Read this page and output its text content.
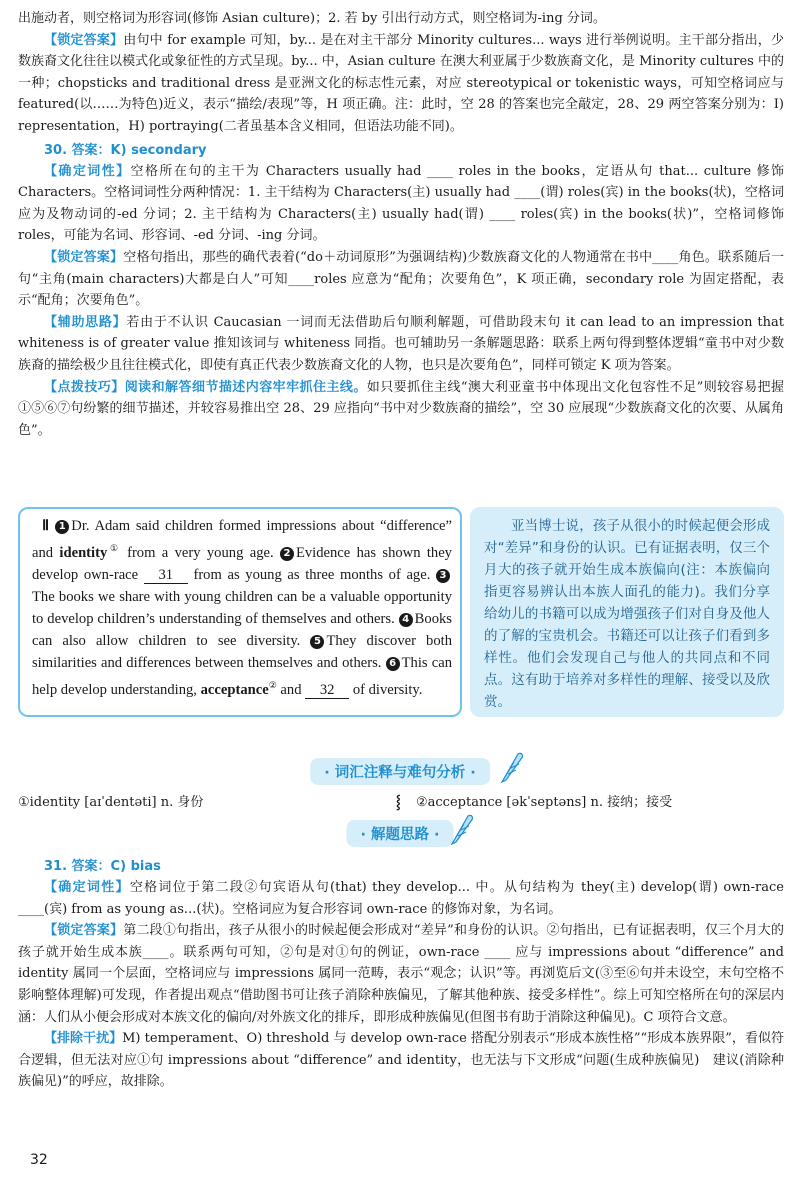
出施动者，则空格词为形容词(修饰 Asian culture)；2. 若 by 引出行动方式，则空格词为-ing 分词。

【锁定答案】由句中 for example 可知，by... 是在对主干部分 Minority cultures... ways 进行举例说明。主干部分指出，少数族裔文化往往以模式化或象征性的方式呈现。by... 中，Asian culture 在澳大利亚属于少数族裔文化，是 Minority cultures 中的一种；chopsticks and traditional dress 是亚洲文化的标志性元素，对应 stereotypical or tokenistic ways，可知空格词应与 featured(以……为特色)近义，表示“描绘/表现”等，H 项正确。注：此时，空 28 的答案也完全敲定，28、29 两空答案分别为：I) representation，H) portraying(二者虽基本含义相同，但语法功能不同)。

30. 答案：K) secondary

【确定词性】空格所在句的主干为 Characters usually had ____ roles in the books，定语从句 that... culture 修饰 Characters。空格词词性分两种情况：1. 主干结构为 Characters(主) usually had ____(谓) roles(宾) in the books(状)，空格词应为及物动词的-ed 分词；2. 主干结构为 Characters(主) usually had(谓) ____ roles(宾) in the books(状)”，空格词修饰 roles，可能为名词、形容词、-ed 分词、-ing 分词。

【锁定答案】空格句指出，那些的确代表着(“do＋动词原形”为强调结构)少数族裔文化的人物通常在书中____角色。联系随后一句“主角(main characters)大都是白人”可知____roles 应意为“配角；次要角色”，K 项正确，secondary role 为固定搭配，表示“配角；次要角色”。

【辅助思路】若由于不认识 Caucasian 一词而无法借助后句顺利解题，可借助段末句 it can lead to an impression that whiteness is of greater value 推知该词与 whiteness 同指。也可辅助另一条解题思路：联系上两句得到整体逻辑“童书中对少数族裔的描绘极少且往往模式化，即使有真正代表少数族裔文化的人物，也只是次要角色”，同样可锁定 K 项为答案。

【点拨技巧】阅读和解答细节描述内容牢牢抓住主线。如只要抓住主线“澳大利亚童书中体现出文化包容性不足”则较容易把握①⑤⑥⑦句纷繁的细节描述，并较容易推出空 28、29 应指向“书中对少数族裔的描绘”，空 30 应展现“少数族裔文化的次要、从属角色”。

Ⅱ 1 Dr. Adam said children formed impressions about “difference” and identity① from a very young age. 2 Evidence has shown they develop own-race 31 from as young as three months of age. 3The books we share with young children can be a valuable opportunity to develop children’s understanding of themselves and others. 4 Books can also allow children to see diversity. 5 They discover both similarities and differences between themselves and others. 6 This can help develop understanding, acceptance② and 32 of diversity.
亚当博士说，孩子从很小的时候起便会形成对“差异”和身份的认识。已有证据表明，仅三个月大的孩子就开始生成本族偏向(注：本族偏向指更容易辨认出本族人面孔的能力)。我们分享给幼儿的书籍可以成为增强孩子们对自身及他人的了解的宝贵机会。书籍还可以让孩子们看到多样性。他们会发现自己与他人的共同点和不同点。这有助于培养对多样性的理解、接受以及欣赏。
· 词汇注释与难句分析 ·
①identity [aɪˈdentəti] n. 身份	⸾ ②acceptance [əkˈseptəns] n. 接纳；接受
· 解题思路 ·
31. 答案：C) bias

【确定词性】空格词位于第二段②句宾语从句(that) they develop... 中。从句结构为 they(主) develop(谓) own-race ____(宾) from as young as...(状)。空格词应为复合形容词 own-race 的修饰对象，为名词。

【锁定答案】第二段①句指出，孩子从很小的时候起便会形成对“差异”和身份的认识。②句指出，已有证据表明，仅三个月大的孩子就开始生成本族____。联系两句可知，②句是对①句的例证，own-race ____ 应与 impressions about “difference” and identity 属同一个层面，空格词应与 impressions 属同一范畴，表示“观念；认识”等。再浏览后文(③至⑥句并未设空，末句空格不影响整体理解)可发现，作者提出观点“借助图书可让孩子消除种族偏见，了解其他种族、接受多样性”。综上可知空格所在句的深层内涵：人们从小便会形成对本族文化的偏向/对外族文化的排斥，即形成种族偏见(但图书有助于消除这种偏见)。C 项符合文意。

【排除干扰】M) temperament、O) threshold 与 develop own-race 搭配分别表示“形成本族性格”“形成本族界限”，看似符合逻辑，但无法对应①句 impressions about “difference” and identity，也无法与下文形成“问题(生成种族偏见)　建议(消除种族偏见)”的呼应，故排除。

32
